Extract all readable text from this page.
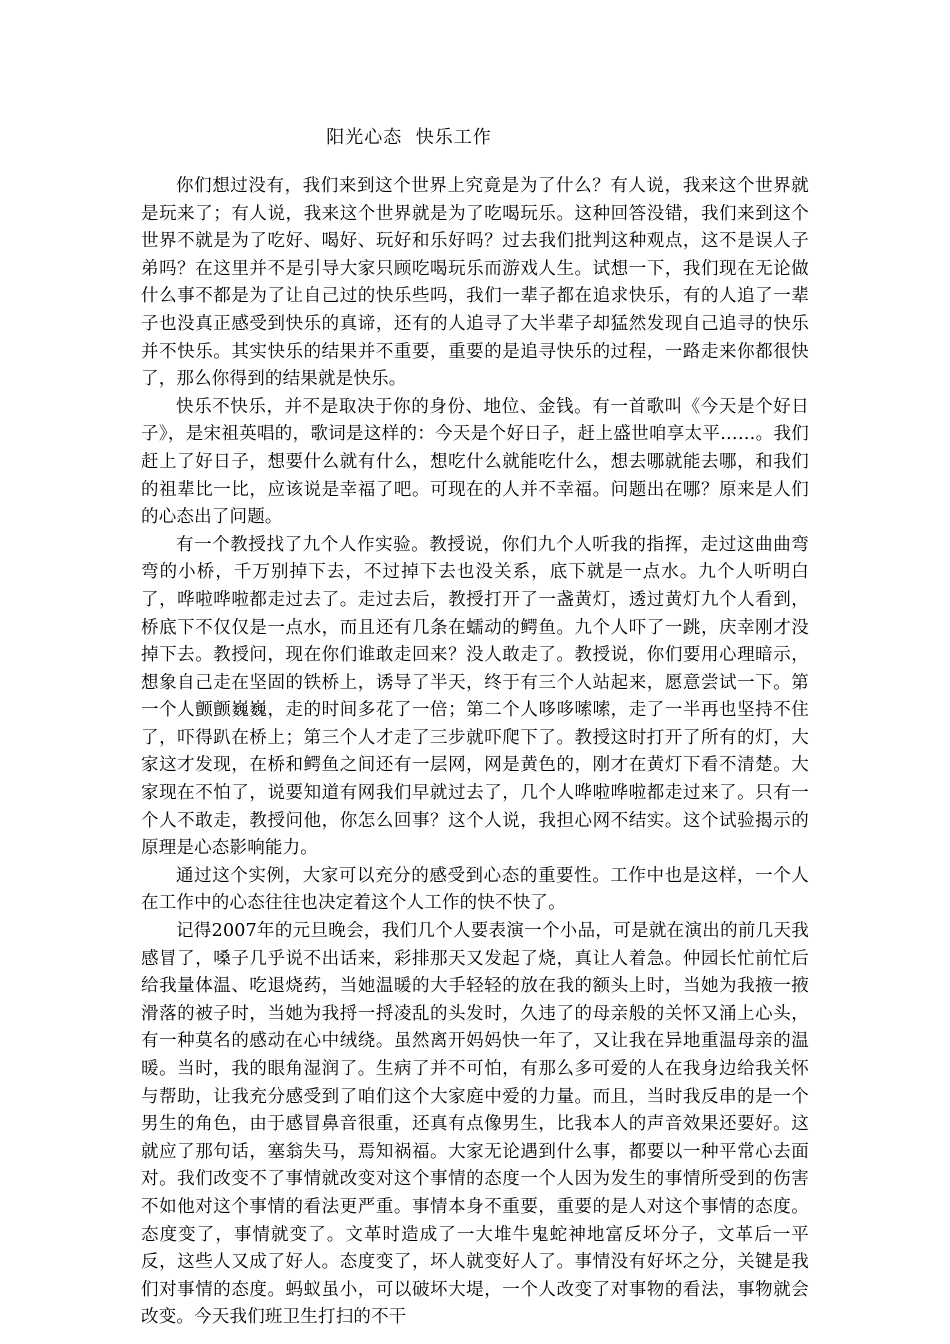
阳光心态  快乐工作

你们想过没有，我们来到这个世界上究竟是为了什么？有人说，我来这个世界就是玩来了；有人说，我来这个世界就是为了吃喝玩乐。这种回答没错，我们来到这个世界不就是为了吃好、喝好、玩好和乐好吗？过去我们批判这种观点，这不是误人子弟吗？在这里并不是引导大家只顾吃喝玩乐而游戏人生。试想一下，我们现在无论做什么事不都是为了让自己过的快乐些吗，我们一辈子都在追求快乐，有的人追了一辈子也没真正感受到快乐的真谛，还有的人追寻了大半辈子却猛然发现自己追寻的快乐并不快乐。其实快乐的结果并不重要，重要的是追寻快乐的过程，一路走来你都很快了，那么你得到的结果就是快乐。

快乐不快乐，并不是取决于你的身份、地位、金钱。有一首歌叫《今天是个好日子》，是宋祖英唱的，歌词是这样的：今天是个好日子，赶上盛世咱享太平……。我们赶上了好日子，想要什么就有什么，想吃什么就能吃什么，想去哪就能去哪，和我们的祖辈比一比，应该说是幸福了吧。可现在的人并不幸福。问题出在哪？原来是人们的心态出了问题。

有一个教授找了九个人作实验。教授说，你们九个人听我的指挥，走过这曲曲弯弯的小桥，千万别掉下去，不过掉下去也没关系，底下就是一点水。九个人听明白了，哗啦哗啦都走过去了。走过去后，教授打开了一盏黄灯，透过黄灯九个人看到，桥底下不仅仅是一点水，而且还有几条在蠕动的鳄鱼。九个人吓了一跳，庆幸刚才没掉下去。教授问，现在你们谁敢走回来？没人敢走了。教授说，你们要用心理暗示，想象自己走在坚固的铁桥上，诱导了半天，终于有三个人站起来，愿意尝试一下。第一个人颤颤巍巍，走的时间多花了一倍；第二个人哆哆嗦嗦，走了一半再也坚持不住了，吓得趴在桥上；第三个人才走了三步就吓爬下了。教授这时打开了所有的灯，大家这才发现，在桥和鳄鱼之间还有一层网，网是黄色的，刚才在黄灯下看不清楚。大家现在不怕了，说要知道有网我们早就过去了，几个人哗啦哗啦都走过来了。只有一个人不敢走，教授问他，你怎么回事？这个人说，我担心网不结实。这个试验揭示的原理是心态影响能力。

通过这个实例，大家可以充分的感受到心态的重要性。工作中也是这样，一个人在工作中的心态往往也决定着这个人工作的快不快了。

记得2007年的元旦晚会，我们几个人要表演一个小品，可是就在演出的前几天我感冒了，嗓子几乎说不出话来，彩排那天又发起了烧，真让人着急。仲园长忙前忙后给我量体温、吃退烧药，当她温暖的大手轻轻的放在我的额头上时，当她为我掖一掖滑落的被子时，当她为我捋一捋凌乱的头发时，久违了的母亲般的关怀又涌上心头，有一种莫名的感动在心中绒绕。虽然离开妈妈快一年了，又让我在异地重温母亲的温暖。当时，我的眼角湿润了。生病了并不可怕，有那么多可爱的人在我身边给我关怀与帮助，让我充分感受到了咱们这个大家庭中爱的力量。而且，当时我反串的是一个男生的角色，由于感冒鼻音很重，还真有点像男生，比我本人的声音效果还要好。这就应了那句话，塞翁失马，焉知祸福。大家无论遇到什么事，都要以一种平常心去面对。我们改变不了事情就改变对这个事情的态度一个人因为发生的事情所受到的伤害不如他对这个事情的看法更严重。事情本身不重要，重要的是人对这个事情的态度。态度变了，事情就变了。文革时造成了一大堆牛鬼蛇神地富反坏分子，文革后一平反，这些人又成了好人。态度变了，坏人就变好人了。事情没有好坏之分，关键是我们对事情的态度。蚂蚁虽小，可以破坏大堤，一个人改变了对事物的看法，事物就会改变。今天我们班卫生打扫的不干
